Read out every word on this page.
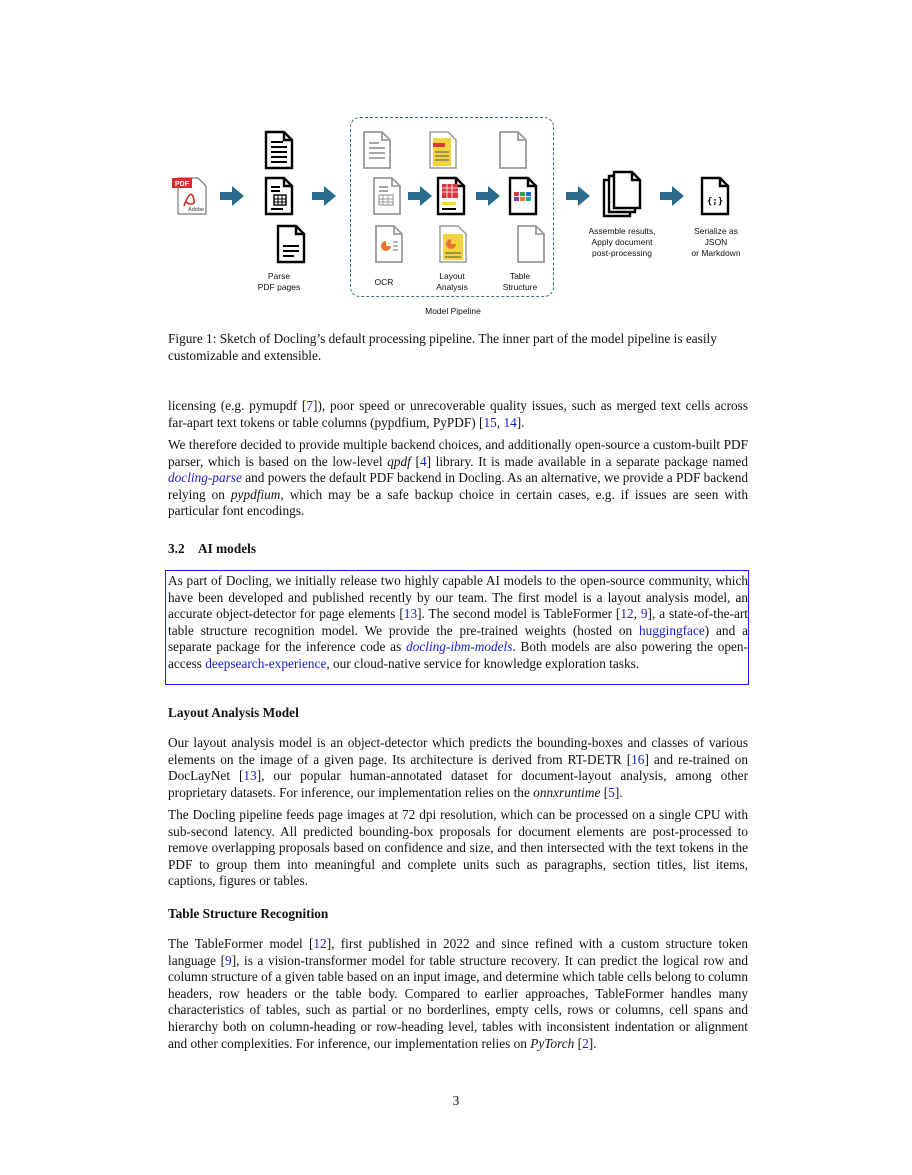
PDF
Adobe
{;}
Parse
PDF pages	OCR
Layout
Analysis
Table
Structure
Model Pipeline
Assemble results,
Apply document
post-processing
Serialize as
JSON
or Markdown
Figure 1: Sketch of Docling’s default processing pipeline. The inner part of the model pipeline is easily customizable and extensible.
licensing (e.g. pymupdf [7]), poor speed or unrecoverable quality issues, such as merged text cells across far-apart text tokens or table columns (pypdfium, PyPDF) [15, 14].
We therefore decided to provide multiple backend choices, and additionally open-source a custom-built PDF parser, which is based on the low-level qpdf [4] library. It is made available in a separate package named docling-parse and powers the default PDF backend in Docling. As an alternative, we provide a PDF backend relying on pypdfium, which may be a safe backup choice in certain cases, e.g. if issues are seen with particular font encodings.
3.2 AI models
As part of Docling, we initially release two highly capable AI models to the open-source community, which have been developed and published recently by our team. The first model is a layout analysis model, an accurate object-detector for page elements [13]. The second model is TableFormer [12, 9], a state-of-the-art table structure recognition model. We provide the pre-trained weights (hosted on huggingface) and a separate package for the inference code as docling-ibm-models. Both models are also powering the open-access deepsearch-experience, our cloud-native service for knowledge exploration tasks.
Layout Analysis Model
Our layout analysis model is an object-detector which predicts the bounding-boxes and classes of various elements on the image of a given page. Its architecture is derived from RT-DETR [16] and re-trained on DocLayNet [13], our popular human-annotated dataset for document-layout analysis, among other proprietary datasets. For inference, our implementation relies on the onnxruntime [5].
The Docling pipeline feeds page images at 72 dpi resolution, which can be processed on a single CPU with sub-second latency. All predicted bounding-box proposals for document elements are post-processed to remove overlapping proposals based on confidence and size, and then intersected with the text tokens in the PDF to group them into meaningful and complete units such as paragraphs, section titles, list items, captions, figures or tables.
Table Structure Recognition
The TableFormer model [12], first published in 2022 and since refined with a custom structure token language [9], is a vision-transformer model for table structure recovery. It can predict the logical row and column structure of a given table based on an input image, and determine which table cells belong to column headers, row headers or the table body. Compared to earlier approaches, TableFormer handles many characteristics of tables, such as partial or no borderlines, empty cells, rows or columns, cell spans and hierarchy both on column-heading or row-heading level, tables with inconsistent indentation or alignment and other complexities. For inference, our implementation relies on PyTorch [2].
3
